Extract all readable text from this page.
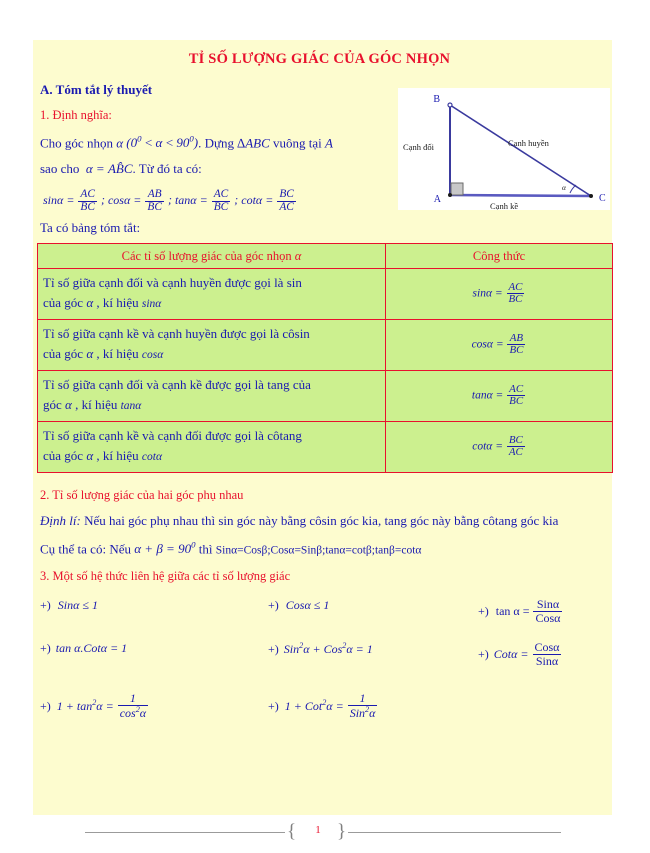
TỈ SỐ LƯỢNG GIÁC CỦA GÓC NHỌN
A. Tóm tắt lý thuyết
1. Định nghĩa:
Cho góc nhọn α $(0^0 < \alpha < 90^0)$. Dựng ∆ABC vuông tại A
sao cho  α = AB̂C. Từ đó ta có:
$\sin\alpha = \frac{AC}{BC}$ ; $\cos\alpha = \frac{AB}{BC}$ ; $\tan\alpha = \frac{AC}{BC}$ ; $\cot\alpha = \frac{BC}{AC}$
Ta có bảng tóm tắt:
B
A	C
Cạnh đối	Cạnh huyền
Cạnh kề
α
Các tỉ số lượng giác của góc nhọn α	Công thức
Tỉ số giữa cạnh đối và cạnh huyền được gọi là sin
của góc α , kí hiệu sinα	$\sin\alpha = \frac{AC}{BC}$

Tỉ số giữa cạnh kề và cạnh huyền được gọi là côsin
của góc α , kí hiệu cosα	$\cos\alpha = \frac{AB}{BC}$

Tỉ số giữa cạnh đối và cạnh kề được gọi là tang của
góc α , kí hiệu tanα	$\tan\alpha = \frac{AC}{BC}$

Tỉ số giữa cạnh kề và cạnh đối được gọi là côtang
của góc α , kí hiệu cotα	$\cot\alpha = \frac{BC}{AC}$
2. Tỉ số lượng giác của hai góc phụ nhau
Định lí: Nếu hai góc phụ nhau thì sin góc này bằng côsin góc kia, tang góc này bằng côtang góc kia
Cụ thể ta có: Nếu $\alpha + \beta = 90^0$ thì Sinα=Cosβ;Cosα=Sinβ;tanα=cotβ;tanβ=cotα
3. Một số hệ thức liên hệ giữa các tỉ số lượng giác
+) Sinα ≤ 1	+) Cosα ≤ 1	+) $\tan \alpha = \frac{\text{Sinα}}{\text{Cosα}}$
+) tan α.Cotα = 1	+) Sin$^2$α + Cos$^2$α = 1	+) $Cot\alpha = \frac{\text{Cosα}}{\text{Sinα}}$
+) $1 + \tan^2\alpha = \frac{1}{\cos^2\alpha}$	+) $1 + Cot^2\alpha = \frac{1}{Sin^2\alpha}$
{	1 }
